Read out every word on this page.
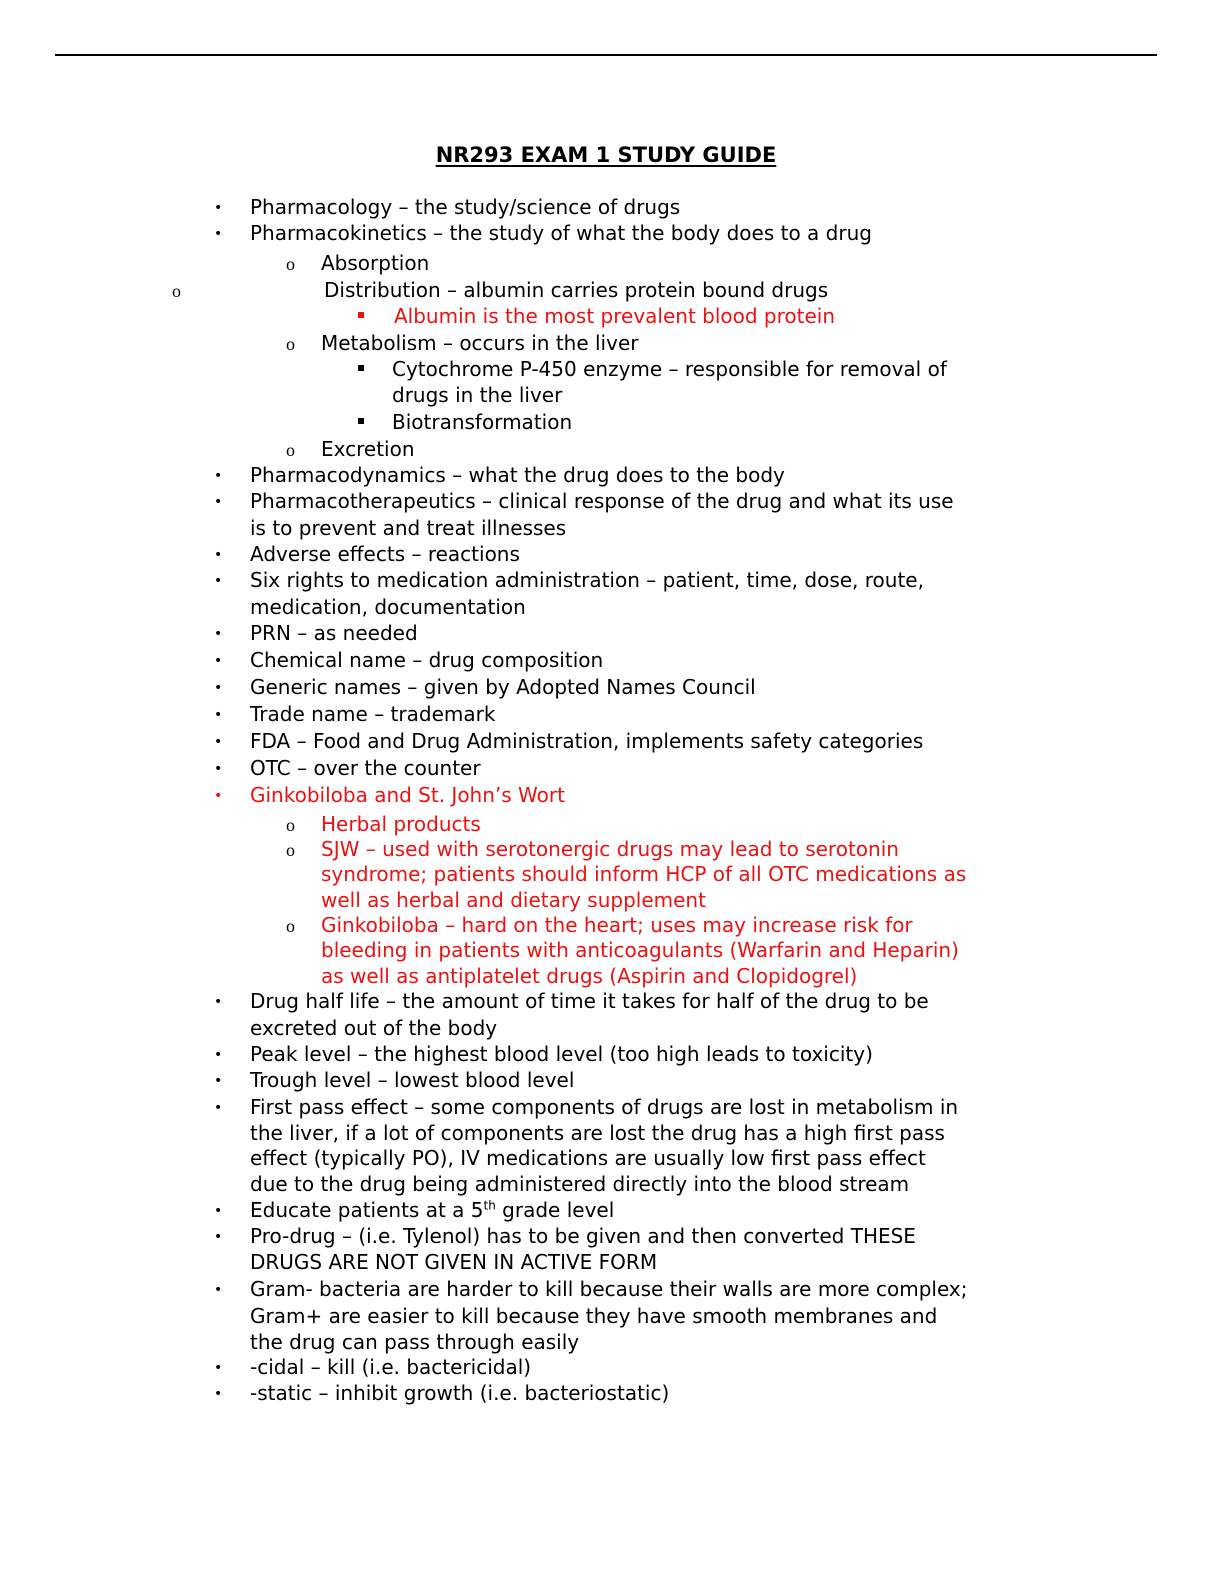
NR293 EXAM 1 STUDY GUIDE
• Pharmacology – the study/science of drugs
• Pharmacokinetics – the study of what the body does to a drug
o Absorption
o	Distribution – albumin carries protein bound drugs
Albumin is the most prevalent blood protein
o Metabolism – occurs in the liver
Cytochrome P-450 enzyme – responsible for removal of
drugs in the liver
Biotransformation
o Excretion
• Pharmacodynamics – what the drug does to the body
• Pharmacotherapeutics – clinical response of the drug and what its use
is to prevent and treat illnesses
• Adverse effects – reactions
• Six rights to medication administration – patient, time, dose, route,
medication, documentation
• PRN – as needed
• Chemical name – drug composition
• Generic names – given by Adopted Names Council
• Trade name – trademark
• FDA – Food and Drug Administration, implements safety categories
• OTC – over the counter
• Ginkobiloba and St. John’s Wort
o Herbal products
o SJW – used with serotonergic drugs may lead to serotonin
syndrome; patients should inform HCP of all OTC medications as
well as herbal and dietary supplement
o Ginkobiloba – hard on the heart; uses may increase risk for
bleeding in patients with anticoagulants (Warfarin and Heparin)
as well as antiplatelet drugs (Aspirin and Clopidogrel)
• Drug half life – the amount of time it takes for half of the drug to be
excreted out of the body
• Peak level – the highest blood level (too high leads to toxicity)
• Trough level – lowest blood level
• First pass effect – some components of drugs are lost in metabolism in
the liver, if a lot of components are lost the drug has a high first pass
effect (typically PO), IV medications are usually low first pass effect
due to the drug being administered directly into the blood stream
• Educate patients at a 5th grade level
• Pro-drug – (i.e. Tylenol) has to be given and then converted THESE
DRUGS ARE NOT GIVEN IN ACTIVE FORM
• Gram- bacteria are harder to kill because their walls are more complex;
Gram+ are easier to kill because they have smooth membranes and
the drug can pass through easily
• -cidal – kill (i.e. bactericidal)
• -static – inhibit growth (i.e. bacteriostatic)
